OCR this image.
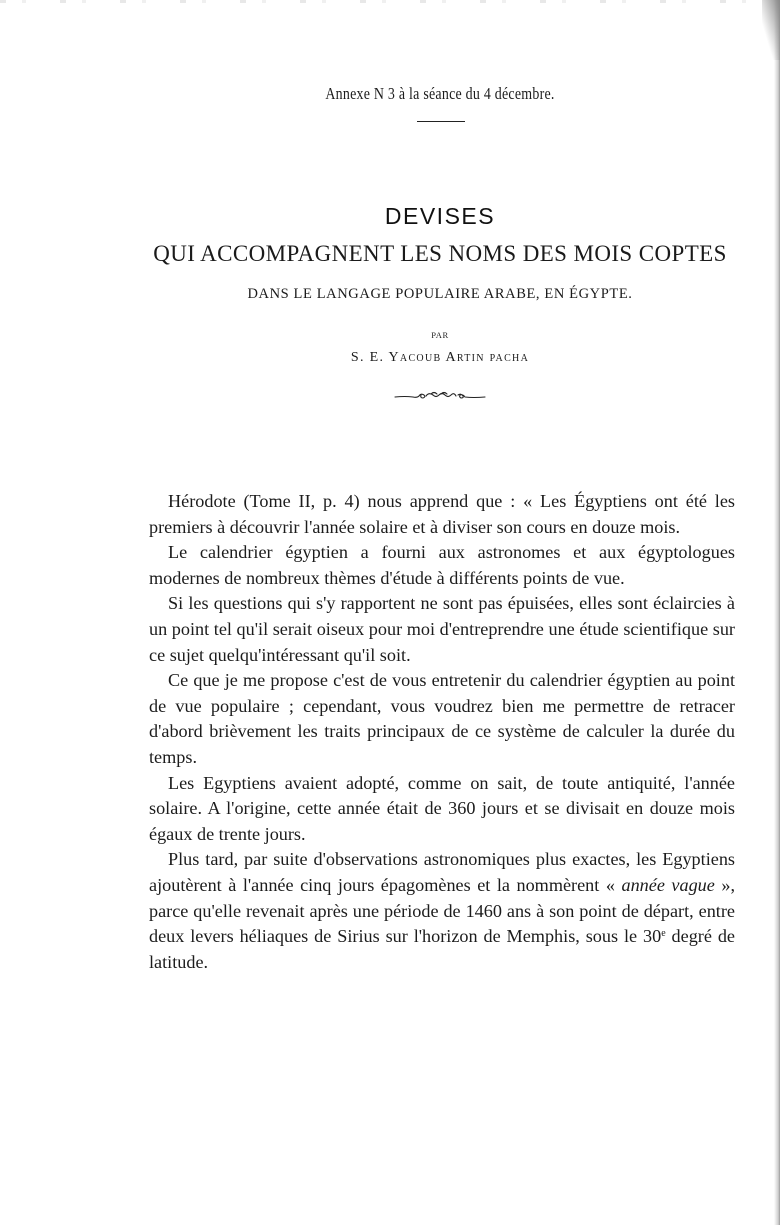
Annexe N 3 à la séance du 4 décembre.
DEVISES
QUI ACCOMPAGNENT LES NOMS DES MOIS COPTES
DANS LE LANGAGE POPULAIRE ARABE, EN ÉGYPTE.
PAR
S. E. Yacoub Artin pacha

Hérodote (Tome II, p. 4) nous apprend que : « Les Égyptiens ont été les premiers à découvrir l'année solaire et à diviser son cours en douze mois.

Le calendrier égyptien a fourni aux astronomes et aux égyptologues modernes de nombreux thèmes d'étude à différents points de vue.

Si les questions qui s'y rapportent ne sont pas épuisées, elles sont éclaircies à un point tel qu'il serait oiseux pour moi d'entreprendre une étude scientifique sur ce sujet quelqu'intéressant qu'il soit.

Ce que je me propose c'est de vous entretenir du calendrier égyptien au point de vue populaire ; cependant, vous voudrez bien me permettre de retracer d'abord brièvement les traits principaux de ce système de calculer la durée du temps.

Les Egyptiens avaient adopté, comme on sait, de toute antiquité, l'année solaire. A l'origine, cette année était de 360 jours et se divisait en douze mois égaux de trente jours.

Plus tard, par suite d'observations astronomiques plus exactes, les Egyptiens ajoutèrent à l'année cinq jours épagomènes et la nommèrent « année vague », parce qu'elle revenait après une période de 1460 ans à son point de départ, entre deux levers héliaques de Sirius sur l'horizon de Memphis, sous le 30e degré de latitude.
